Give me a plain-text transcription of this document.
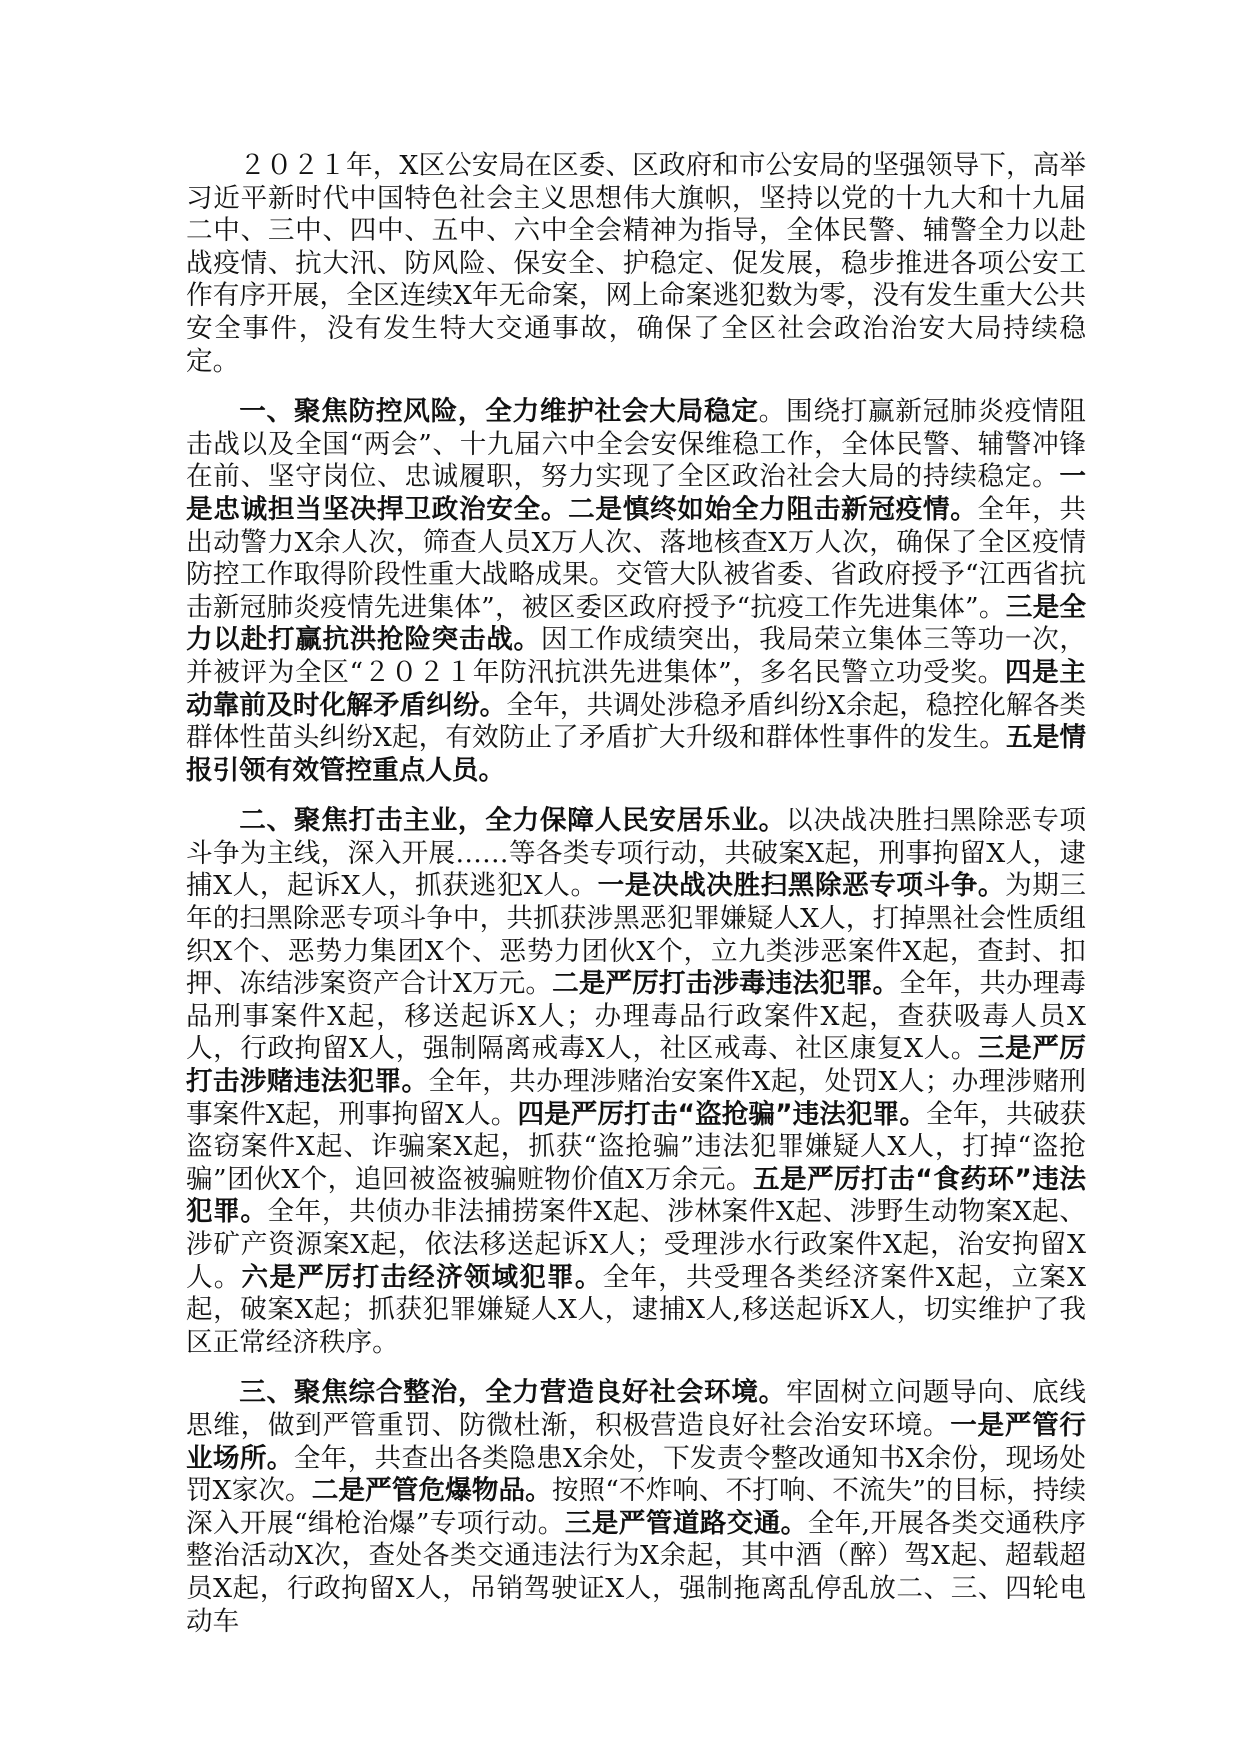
２０２１年，X区公安局在区委、区政府和市公安局的坚强领导下，高举习近平新时代中国特色社会主义思想伟大旗帜，坚持以党的十九大和十九届二中、三中、四中、五中、六中全会精神为指导，全体民警、辅警全力以赴战疫情、抗大汛、防风险、保安全、护稳定、促发展，稳步推进各项公安工作有序开展，全区连续X年无命案，网上命案逃犯数为零，没有发生重大公共安全事件，没有发生特大交通事故，确保了全区社会政治治安大局持续稳定。

一、聚焦防控风险，全力维护社会大局稳定。围绕打赢新冠肺炎疫情阻击战以及全国“两会”、十九届六中全会安保维稳工作，全体民警、辅警冲锋在前、坚守岗位、忠诚履职，努力实现了全区政治社会大局的持续稳定。一是忠诚担当坚决捍卫政治安全。二是慎终如始全力阻击新冠疫情。全年，共出动警力X余人次，筛查人员X万人次、落地核查X万人次，确保了全区疫情防控工作取得阶段性重大战略成果。交管大队被省委、省政府授予“江西省抗击新冠肺炎疫情先进集体”，被区委区政府授予“抗疫工作先进集体”。三是全力以赴打赢抗洪抢险突击战。因工作成绩突出，我局荣立集体三等功一次，并被评为全区“２０２１年防汛抗洪先进集体”，多名民警立功受奖。四是主动靠前及时化解矛盾纠纷。全年，共调处涉稳矛盾纠纷X余起，稳控化解各类群体性苗头纠纷X起，有效防止了矛盾扩大升级和群体性事件的发生。五是情报引领有效管控重点人员。

二、聚焦打击主业，全力保障人民安居乐业。以决战决胜扫黑除恶专项斗争为主线，深入开展……等各类专项行动，共破案X起，刑事拘留X人，逮捕X人，起诉X人，抓获逃犯X人。一是决战决胜扫黑除恶专项斗争。为期三年的扫黑除恶专项斗争中，共抓获涉黑恶犯罪嫌疑人X人，打掉黑社会性质组织X个、恶势力集团X个、恶势力团伙X个，立九类涉恶案件X起，查封、扣押、冻结涉案资产合计X万元。二是严厉打击涉毒违法犯罪。全年，共办理毒品刑事案件X起，移送起诉X人；办理毒品行政案件X起，查获吸毒人员X人，行政拘留X人，强制隔离戒毒X人，社区戒毒、社区康复X人。三是严厉打击涉赌违法犯罪。全年，共办理涉赌治安案件X起，处罚X人；办理涉赌刑事案件X起，刑事拘留X人。四是严厉打击“盗抢骗”违法犯罪。全年，共破获盗窃案件X起、诈骗案X起，抓获“盗抢骗”违法犯罪嫌疑人X人，打掉“盗抢骗”团伙X个，追回被盗被骗赃物价值X万余元。五是严厉打击“食药环”违法犯罪。全年，共侦办非法捕捞案件X起、涉林案件X起、涉野生动物案X起、涉矿产资源案X起，依法移送起诉X人；受理涉水行政案件X起，治安拘留X人。六是严厉打击经济领域犯罪。全年，共受理各类经济案件X起，立案X起，破案X起；抓获犯罪嫌疑人X人，逮捕X人,移送起诉X人，切实维护了我区正常经济秩序。

三、聚焦综合整治，全力营造良好社会环境。牢固树立问题导向、底线思维，做到严管重罚、防微杜渐，积极营造良好社会治安环境。一是严管行业场所。全年，共查出各类隐患X余处，下发责令整改通知书X余份，现场处罚X家次。二是严管危爆物品。按照“不炸响、不打响、不流失”的目标，持续深入开展“缉枪治爆”专项行动。三是严管道路交通。全年,开展各类交通秩序整治活动X次，查处各类交通违法行为X余起，其中酒（醉）驾X起、超载超员X起，行政拘留X人，吊销驾驶证X人，强制拖离乱停乱放二、三、四轮电动车
